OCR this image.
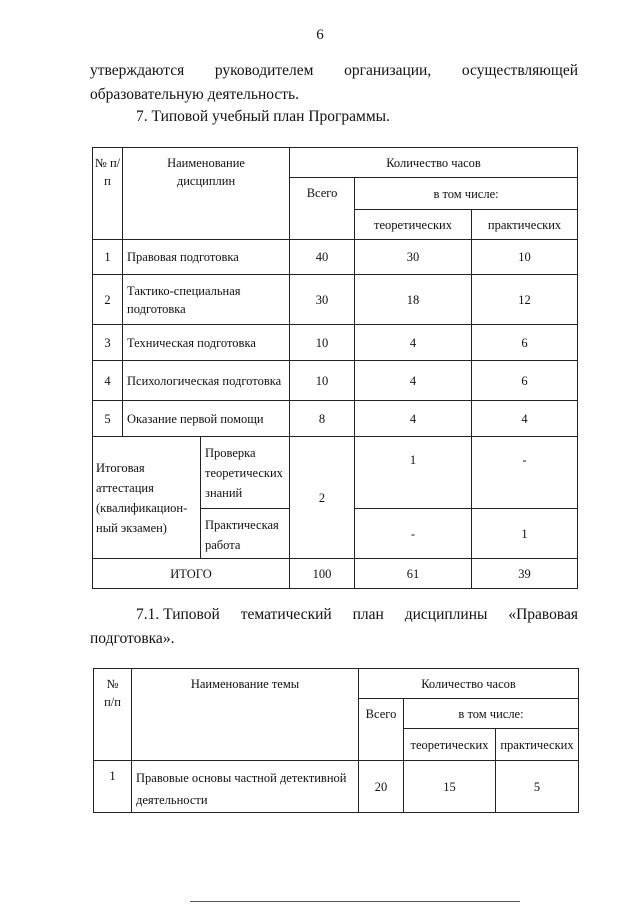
6
утверждаются руководителем организации, осуществляющей
образовательную деятельность.
7. Типовой учебный план Программы.
№ п/п	Наименование дисциплин		Количество часов		
			Всего	в том числе:	
				теоретических	практических
1	Правовая подготовка		40	30	10
2	Тактико-специальная подготовка		30	18	12
3	Техническая подготовка		10	4	6
4	Психологическая подготовка		10	4	6
5	Оказание первой помощи		8	4	4
Итоговая аттестация (квалификацион-ный экзамен)		Проверка теоретических знаний	2	1	-
		Практическая работа		-	1
ИТОГО			100	61	39
7.1. Типовой тематический план дисциплины «Правовая
подготовка».
№ п/п	Наименование темы	Количество часов		
		Всего	в том числе:	
			теоретических	практических
1	Правовые основы частной детективной деятельности	20	15	5
